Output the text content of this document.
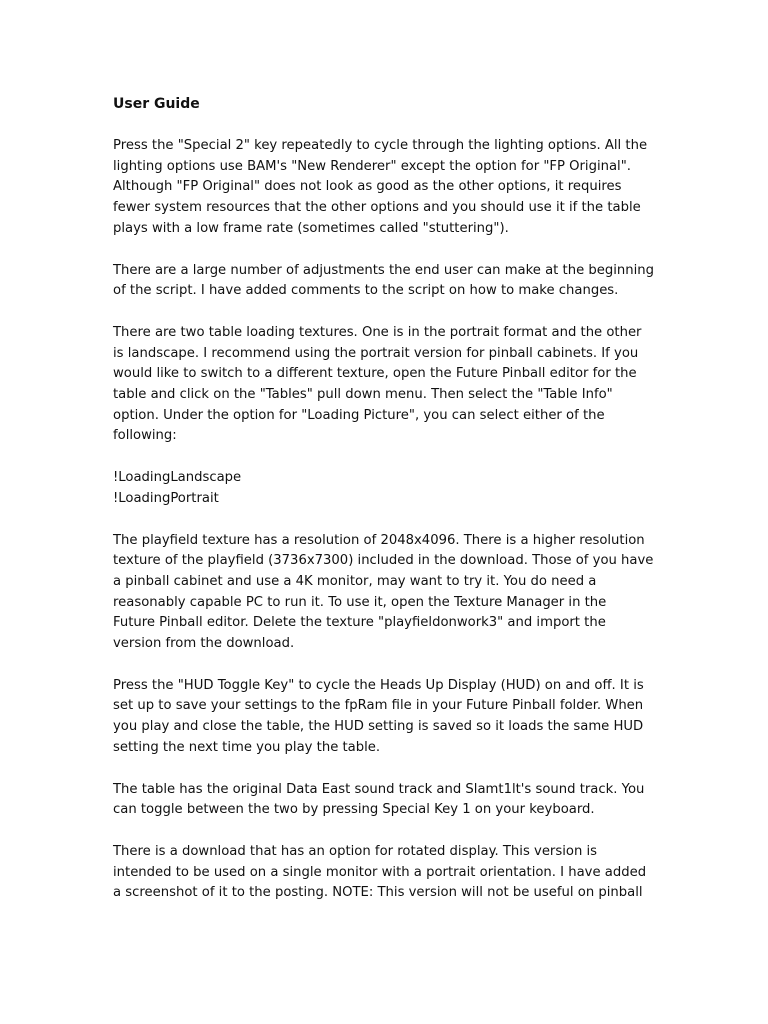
User Guide
Press the "Special 2" key repeatedly to cycle through the lighting options. All the
lighting options use BAM's "New Renderer" except the option for "FP Original".
Although "FP Original" does not look as good as the other options, it requires
fewer system resources that the other options and you should use it if the table
plays with a low frame rate (sometimes called "stuttering").
There are a large number of adjustments the end user can make at the beginning
of the script. I have added comments to the script on how to make changes.
There are two table loading textures. One is in the portrait format and the other
is landscape. I recommend using the portrait version for pinball cabinets. If you
would like to switch to a different texture, open the Future Pinball editor for the
table and click on the "Tables" pull down menu. Then select the "Table Info"
option. Under the option for "Loading Picture", you can select either of the
following:
!LoadingLandscape
!LoadingPortrait
The playfield texture has a resolution of 2048x4096. There is a higher resolution
texture of the playfield (3736x7300) included in the download. Those of you have
a pinball cabinet and use a 4K monitor, may want to try it. You do need a
reasonably capable PC to run it. To use it, open the Texture Manager in the
Future Pinball editor. Delete the texture "playfieldonwork3" and import the
version from the download.
Press the "HUD Toggle Key" to cycle the Heads Up Display (HUD) on and off. It is
set up to save your settings to the fpRam file in your Future Pinball folder. When
you play and close the table, the HUD setting is saved so it loads the same HUD
setting the next time you play the table.
The table has the original Data East sound track and Slamt1lt's sound track. You
can toggle between the two by pressing Special Key 1 on your keyboard.
There is a download that has an option for rotated display. This version is
intended to be used on a single monitor with a portrait orientation. I have added
a screenshot of it to the posting. NOTE: This version will not be useful on pinball
